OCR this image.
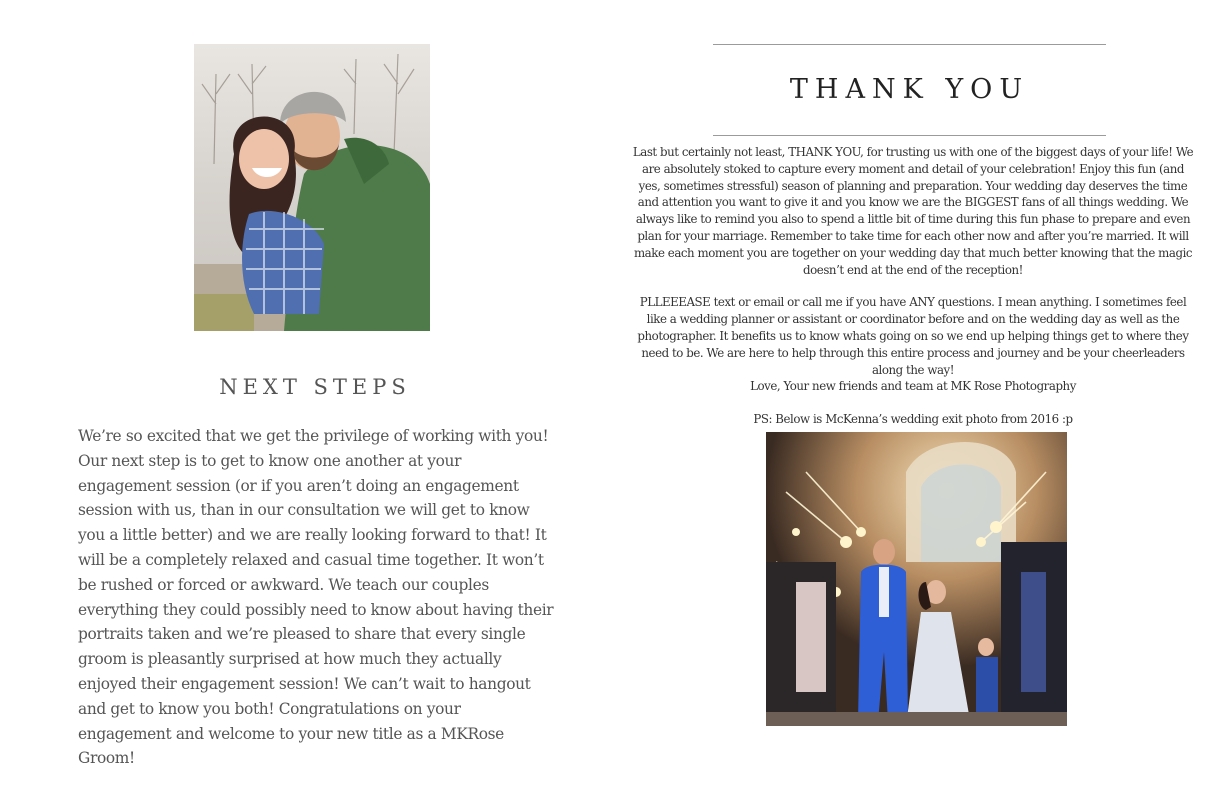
NEXT STEPS
We’re so excited that we get the privilege of working with you! Our next step is to get to know one another at your engagement session (or if you aren’t doing an engagement session with us, than in our consultation we will get to know you a little better) and we are really looking forward to that! It will be a completely relaxed and casual time together. It won’t be rushed or forced or awkward. We teach our couples everything they could possibly need to know about having their portraits taken and we’re pleased to share that every single groom is pleasantly surprised at how much they actually enjoyed their engagement session! We can’t wait to hangout and get to know you both! Congratulations on your engagement and welcome to your new title as a MKRose Groom!
THANK YOU

Last but certainly not least, THANK YOU, for trusting us with one of the biggest days of your life! We are absolutely stoked to capture every moment and detail of your celebration! Enjoy this fun (and yes, sometimes stressful) season of planning and preparation. Your wedding day deserves the time and attention you want to give it and you know we are the BIGGEST fans of all things wedding. We always like to remind you also to spend a little bit of time during this fun phase to prepare and even plan for your marriage. Remember to take time for each other now and after you’re married. It will make each moment you are together on your wedding day that much better knowing that the magic doesn’t end at the end of the reception!

PLLEEEASE text or email or call me if you have ANY questions. I mean anything. I sometimes feel like a wedding planner or assistant or coordinator before and on the wedding day as well as the photographer. It benefits us to know whats going on so we end up helping things get to where they need to be. We are here to help through this entire process and journey and be your cheerleaders along the way!

Love, Your new friends and team at MK Rose Photography

PS: Below is McKenna’s wedding exit photo from 2016 :p
